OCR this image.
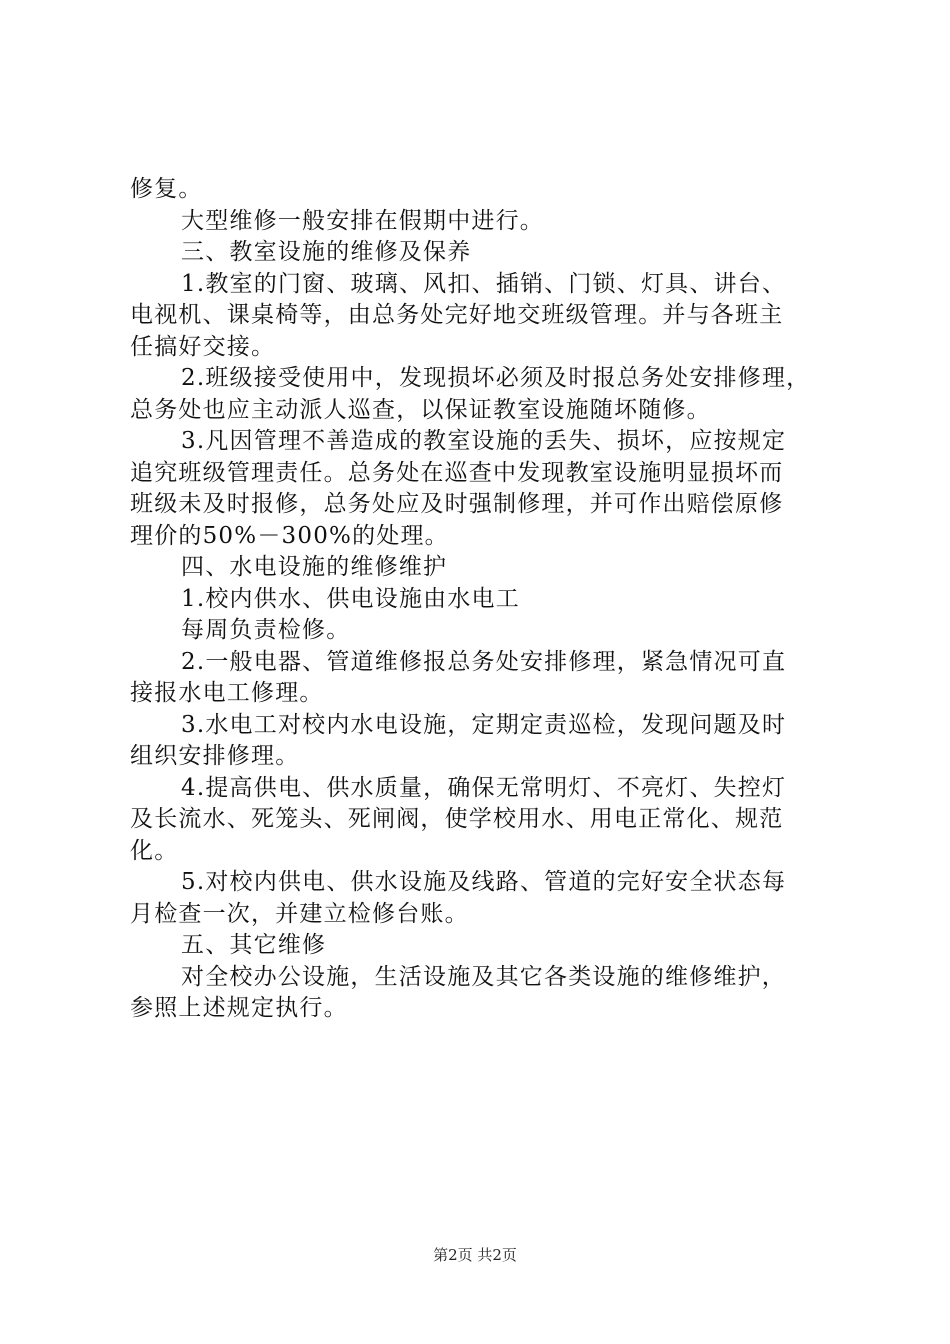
修复。
大型维修一般安排在假期中进行。
三、教室设施的维修及保养
1.教室的门窗、玻璃、风扣、插销、门锁、灯具、讲台、
电视机、课桌椅等，由总务处完好地交班级管理。并与各班主
任搞好交接。
2.班级接受使用中，发现损坏必须及时报总务处安排修理，
总务处也应主动派人巡查，以保证教室设施随坏随修。
3.凡因管理不善造成的教室设施的丢失、损坏，应按规定
追究班级管理责任。总务处在巡查中发现教室设施明显损坏而
班级未及时报修，总务处应及时强制修理，并可作出赔偿原修
理价的50%－300%的处理。
四、水电设施的维修维护
1.校内供水、供电设施由水电工
每周负责检修。
2.一般电器、管道维修报总务处安排修理，紧急情况可直
接报水电工修理。
3.水电工对校内水电设施，定期定责巡检，发现问题及时
组织安排修理。
4.提高供电、供水质量，确保无常明灯、不亮灯、失控灯
及长流水、死笼头、死闸阀，使学校用水、用电正常化、规范
化。
5.对校内供电、供水设施及线路、管道的完好安全状态每
月检查一次，并建立检修台账。
五、其它维修
对全校办公设施，生活设施及其它各类设施的维修维护，
参照上述规定执行。
第2页 共2页
